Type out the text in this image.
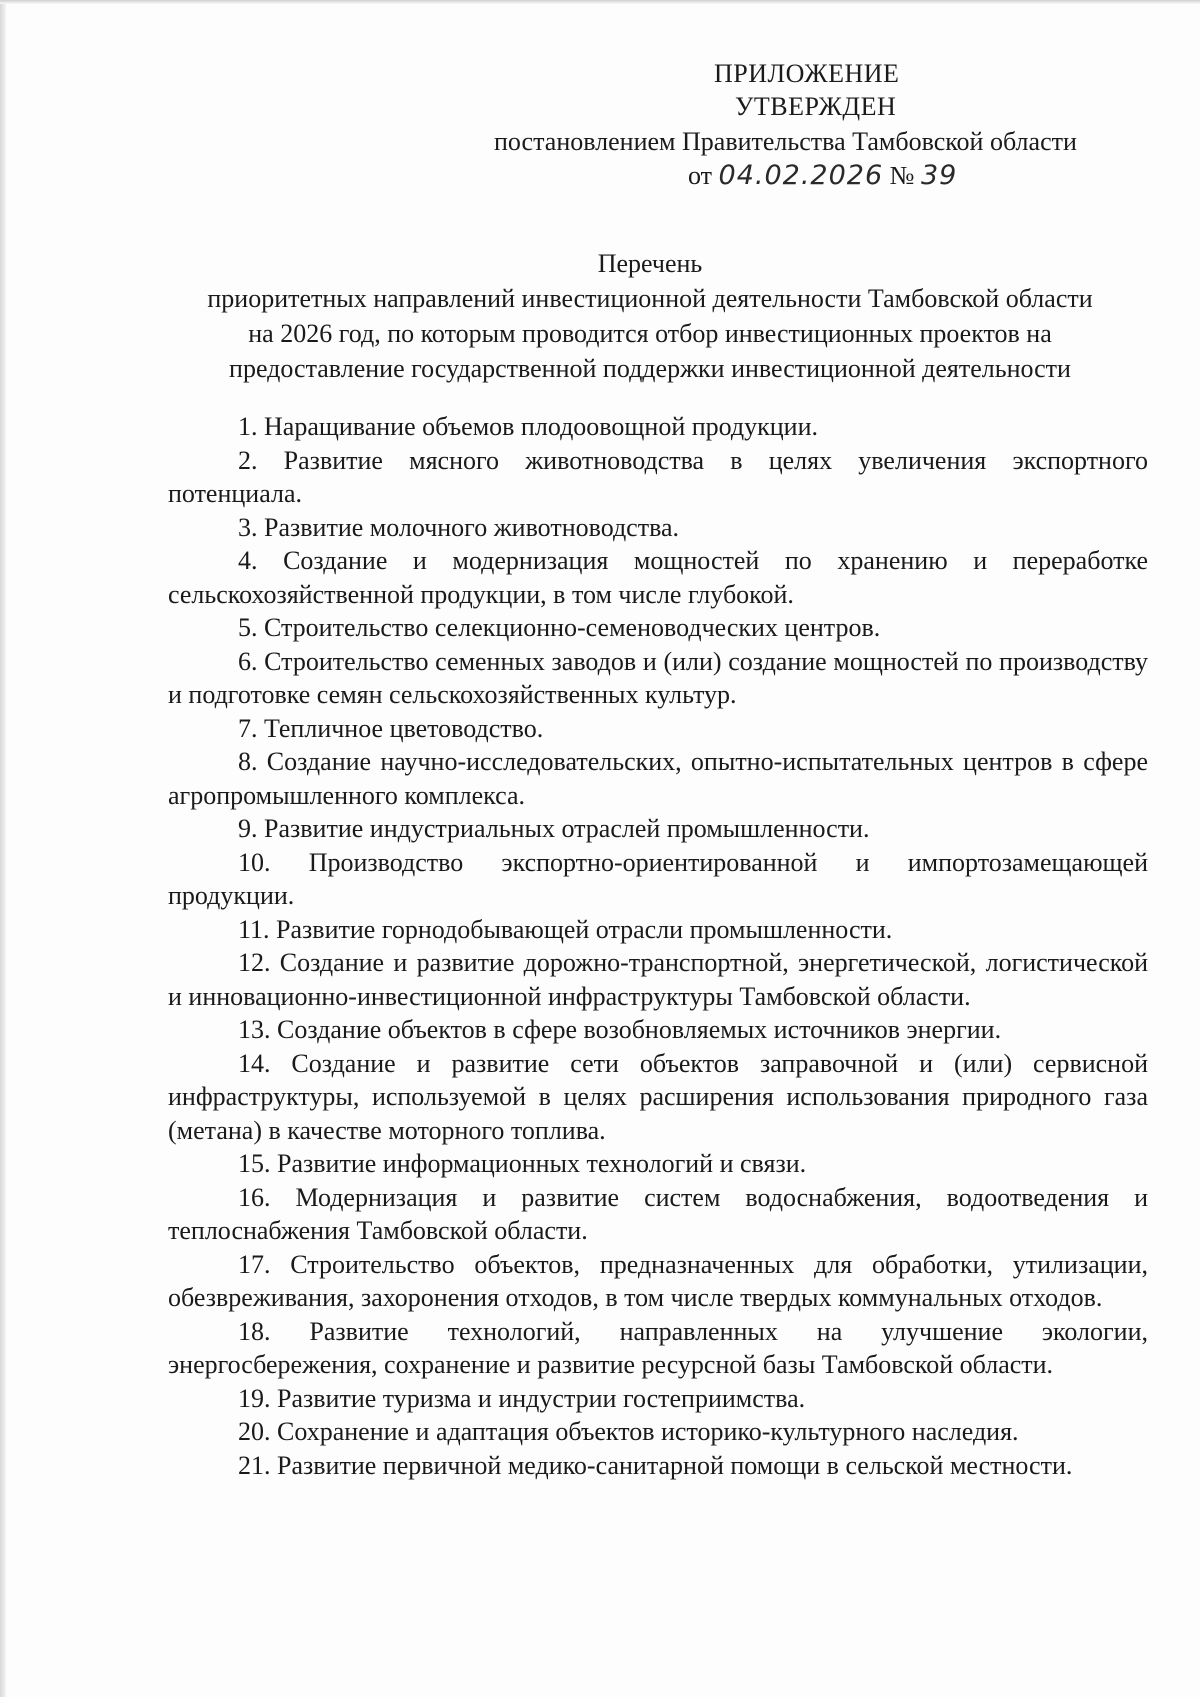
ПРИЛОЖЕНИЕ
УТВЕРЖДЕН
постановлением Правительства Тамбовской области
от 04.02.2026 № 39
Перечень
приоритетных направлений инвестиционной деятельности Тамбовской области
на 2026 год, по которым проводится отбор инвестиционных проектов на
предоставление государственной поддержки инвестиционной деятельности

1. Наращивание объемов плодоовощной продукции.

2. Развитие мясного животноводства в целях увеличения экспортного потенциала.

3. Развитие молочного животноводства.

4. Создание и модернизация мощностей по хранению и переработке сельскохозяйственной продукции, в том числе глубокой.

5. Строительство селекционно-семеноводческих центров.

6. Строительство семенных заводов и (или) создание мощностей по производству и подготовке семян сельскохозяйственных культур.

7. Тепличное цветоводство.

8. Создание научно-исследовательских, опытно-испытательных центров в сфере агропромышленного комплекса.

9. Развитие индустриальных отраслей промышленности.

10. Производство экспортно-ориентированной и импортозамещающей продукции.

11. Развитие горнодобывающей отрасли промышленности.

12. Создание и развитие дорожно-транспортной, энергетической, логистической и инновационно-инвестиционной инфраструктуры Тамбовской области.

13. Создание объектов в сфере возобновляемых источников энергии.

14. Создание и развитие сети объектов заправочной и (или) сервисной инфраструктуры, используемой в целях расширения использования природного газа (метана) в качестве моторного топлива.

15. Развитие информационных технологий и связи.

16. Модернизация и развитие систем водоснабжения, водоотведения и теплоснабжения Тамбовской области.

17. Строительство объектов, предназначенных для обработки, утилизации, обезвреживания, захоронения отходов, в том числе твердых коммунальных отходов.

18. Развитие технологий, направленных на улучшение экологии, энергосбережения, сохранение и развитие ресурсной базы Тамбовской области.

19. Развитие туризма и индустрии гостеприимства.

20. Сохранение и адаптация объектов историко-культурного наследия.

21. Развитие первичной медико-санитарной помощи в сельской местности.
